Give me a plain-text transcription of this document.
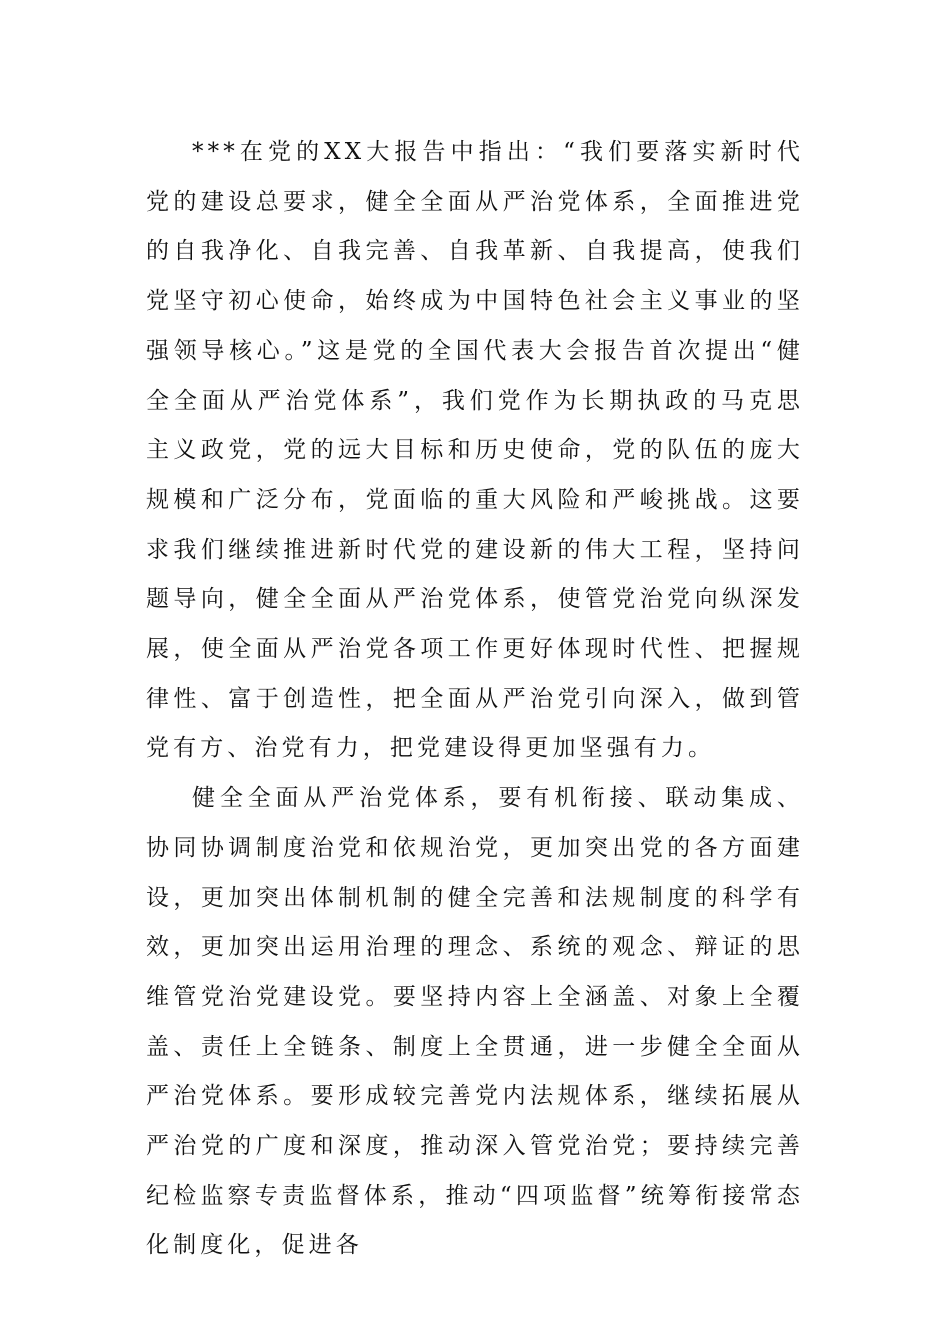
***在党的XX大报告中指出：“我们要落实新时代党的建设总要求，健全全面从严治党体系，全面推进党的自我净化、自我完善、自我革新、自我提高，使我们党坚守初心使命，始终成为中国特色社会主义事业的坚强领导核心。”这是党的全国代表大会报告首次提出“健全全面从严治党体系”，我们党作为长期执政的马克思主义政党，党的远大目标和历史使命，党的队伍的庞大规模和广泛分布，党面临的重大风险和严峻挑战。这要求我们继续推进新时代党的建设新的伟大工程，坚持问题导向，健全全面从严治党体系，使管党治党向纵深发展，使全面从严治党各项工作更好体现时代性、把握规律性、富于创造性，把全面从严治党引向深入，做到管党有方、治党有力，把党建设得更加坚强有力。

健全全面从严治党体系，要有机衔接、联动集成、协同协调制度治党和依规治党，更加突出党的各方面建设，更加突出体制机制的健全完善和法规制度的科学有效，更加突出运用治理的理念、系统的观念、辩证的思维管党治党建设党。要坚持内容上全涵盖、对象上全覆盖、责任上全链条、制度上全贯通，进一步健全全面从严治党体系。要形成较完善党内法规体系，继续拓展从严治党的广度和深度，推动深入管党治党；要持续完善纪检监察专责监督体系，推动“四项监督”统筹衔接常态化制度化，促进各
